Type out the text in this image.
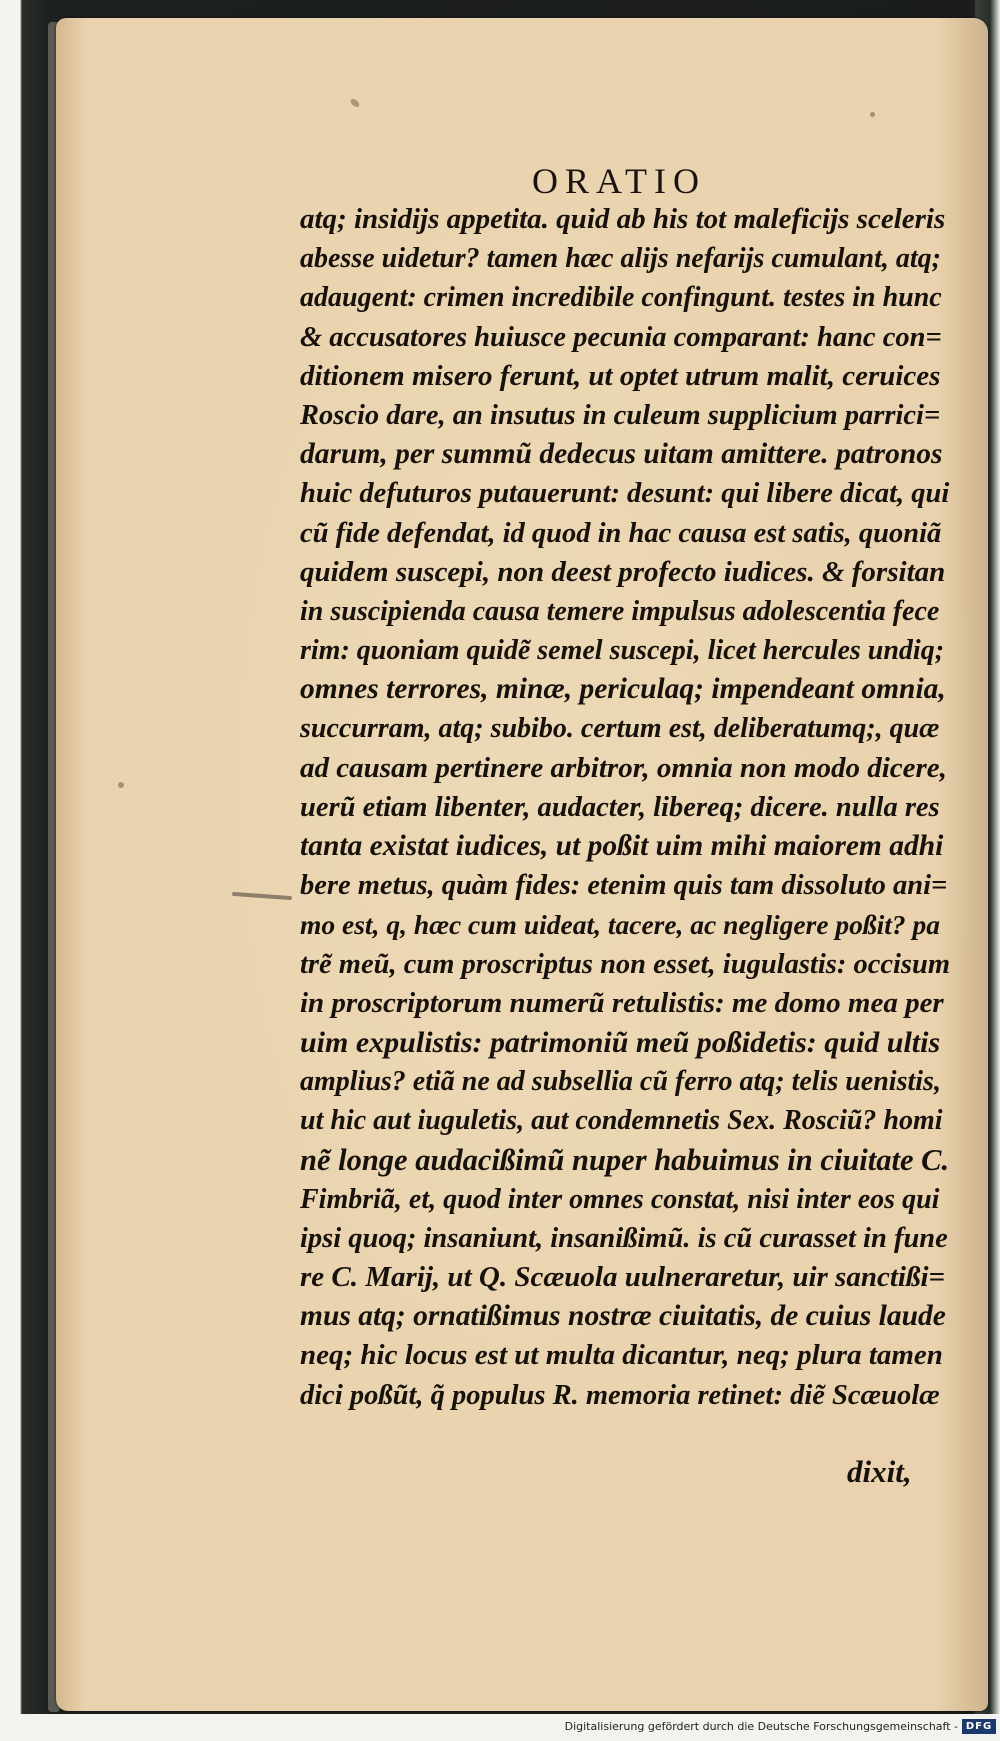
ORATIO
atq; insidijs appetita. quid ab his tot maleficijs sceleris
abesse uidetur? tamen hæc alijs nefarijs cumulant, atq;
adaugent: crimen incredibile confingunt. testes in hunc
& accusatores huiusce pecunia comparant: hanc con=
ditionem misero ferunt, ut optet utrum malit, ceruices
Roscio dare, an insutus in culeum supplicium parrici=
darum, per summũ dedecus uitam amittere. patronos
huic defuturos putauerunt: desunt: qui libere dicat, qui
cũ fide defendat, id quod in hac causa est satis, quoniã
quidem suscepi, non deest profecto iudices. & forsitan
in suscipienda causa temere impulsus adolescentia fece
rim: quoniam quidẽ semel suscepi, licet hercules undiq;
omnes terrores, minæ, periculaq; impendeant omnia,
succurram, atq; subibo. certum est, deliberatumq;, quæ
ad causam pertinere arbitror, omnia non modo dicere,
uerũ etiam libenter, audacter, libereq; dicere. nulla res
tanta existat iudices, ut poßit uim mihi maiorem adhi
bere metus, quàm fides: etenim quis tam dissoluto ani=
mo est, q, hæc cum uideat, tacere, ac negligere poßit? pa
trẽ meũ, cum proscriptus non esset, iugulastis: occisum
in proscriptorum numerũ retulistis: me domo mea per
uim expulistis: patrimoniũ meũ poßidetis: quid ultis
amplius? etiã ne ad subsellia cũ ferro atq; telis uenistis,
ut hic aut iuguletis, aut condemnetis Sex. Rosciũ? homi
nẽ longe audacißimũ nuper habuimus in ciuitate C.
Fimbriã, et, quod inter omnes constat, nisi inter eos qui
ipsi quoq; insaniunt, insanißimũ. is cũ curasset in fune
re C. Marij, ut Q. Scæuola uulneraretur, uir sanctißi=
mus atq; ornatißimus nostræ ciuitatis, de cuius laude
neq; hic locus est ut multa dicantur, neq; plura tamen
dici poßũt, q̃ populus R. memoria retinet: diẽ Scæuolæ
dixit,
Digitalisierung gefördert durch die Deutsche Forschungsgemeinschaft - DFG
